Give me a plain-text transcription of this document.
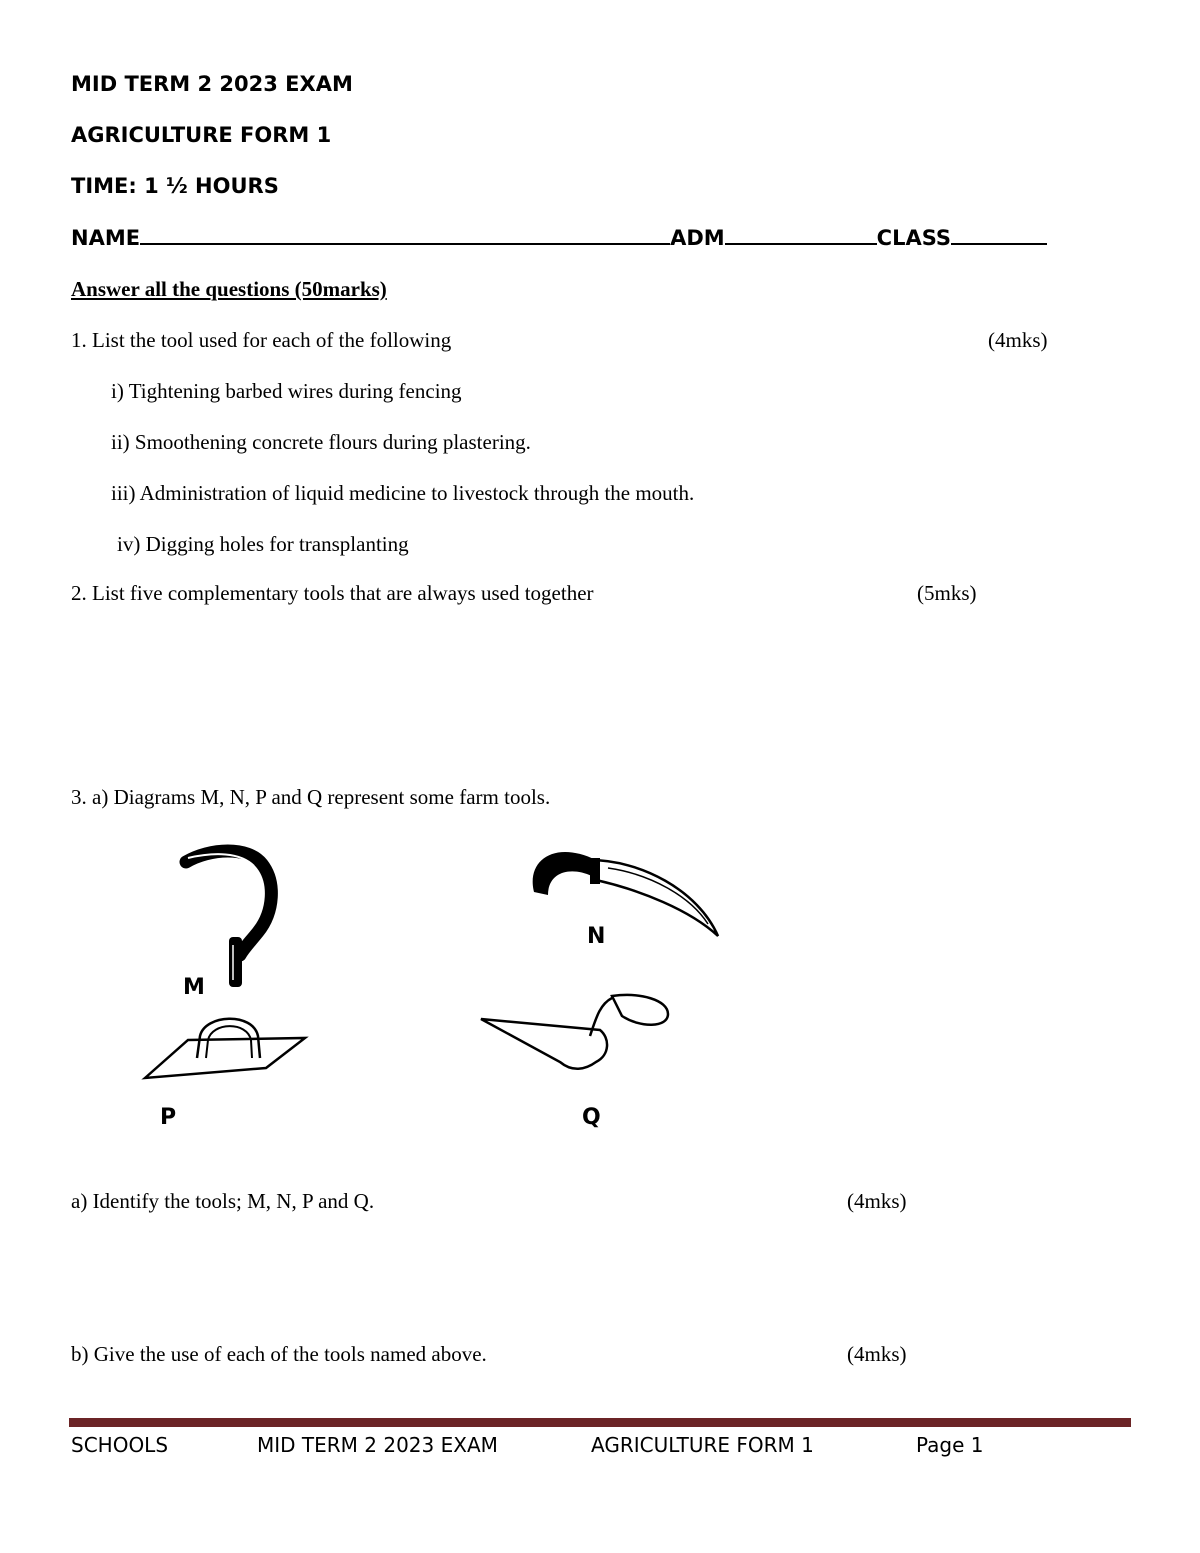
MID TERM 2 2023 EXAM
AGRICULTURE FORM 1
TIME: 1 ½ HOURS
NAME	ADM	CLASS
Answer all the questions (50marks)
1. List the tool used for each of the following	(4mks)
i) Tightening barbed wires during fencing
ii) Smoothening concrete flours during plastering.
iii) Administration of liquid medicine to livestock through the mouth.
iv) Digging holes for transplanting
2. List five complementary tools that are always used together	(5mks)
3. a) Diagrams M, N, P and Q represent some farm tools.
M
N
P	Q
a) Identify the tools; M, N, P and Q.	(4mks)
b) Give the use of each of the tools named above.	(4mks)
SCHOOLS	MID TERM 2 2023 EXAM	AGRICULTURE FORM 1	Page 1
